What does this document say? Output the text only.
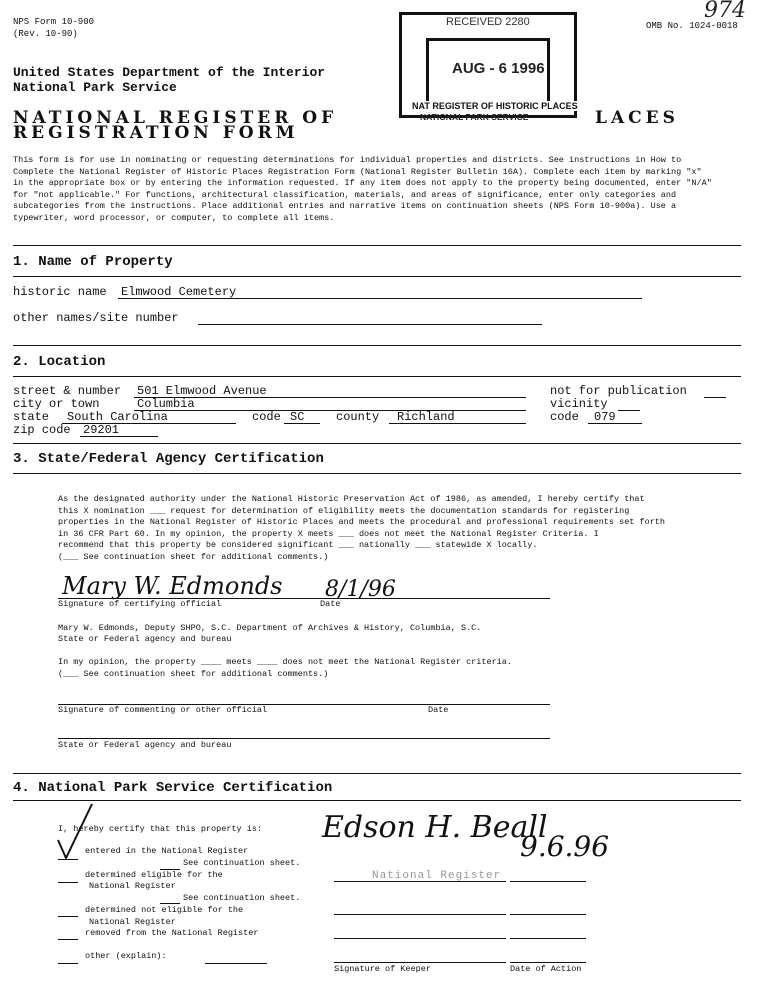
NPS Form 10-900
(Rev. 10-90)
OMB No. 1024-0018
974
United States Department of the Interior
National Park Service
NATIONAL REGISTER OF	LACES
REGISTRATION FORM
RECEIVED 2280
AUG - 6 1996
NAT REGISTER OF HISTORIC PLACES
NATIONAL PARK SERVICE
This form is for use in nominating or requesting determinations for individual properties and districts. See instructions in How to
Complete the National Register of Historic Places Registration Form (National Register Bulletin 16A). Complete each item by marking "x"
in the appropriate box or by entering the information requested. If any item does not apply to the property being documented, enter "N/A"
for "not applicable." For functions, architectural classification, materials, and areas of significance, enter only categories and
subcategories from the instructions. Place additional entries and narrative items on continuation sheets (NPS Form 10-900a). Use a
typewriter, word processor, or computer, to complete all items.
1. Name of Property
historic name Elmwood Cemetery
other names/site number
2. Location
street & number 501 Elmwood Avenue	not for publication
city or town	Columbia	vicinity
state South Carolina	code SC	county Richland	code 079
zip code 29201
3. State/Federal Agency Certification
As the designated authority under the National Historic Preservation Act of 1986, as amended, I hereby certify that
this X nomination ___ request for determination of eligibility meets the documentation standards for registering
properties in the National Register of Historic Places and meets the procedural and professional requirements set forth
in 36 CFR Part 60. In my opinion, the property X meets ___ does not meet the National Register Criteria. I
recommend that this property be considered significant ___ nationally ___ statewide X locally.
(___ See continuation sheet for additional comments.)
Mary W. Edmonds 8/1/96
Signature of certifying official	Date
Mary W. Edmonds, Deputy SHPO, S.C. Department of Archives & History, Columbia, S.C.
State or Federal agency and bureau
In my opinion, the property ____ meets ____ does not meet the National Register criteria.
(___ See continuation sheet for additional comments.)
Signature of commenting or other official	Date
State or Federal agency and bureau
4. National Park Service Certification
I, hereby certify that this property is:
entered in the National Register
See continuation sheet.
determined eligible for the
National Register
See continuation sheet.
determined not eligible for the
National Register
removed from the National Register
other (explain):
Edson H. Beall
9.6.96
National Register
Signature of Keeper	Date of Action
